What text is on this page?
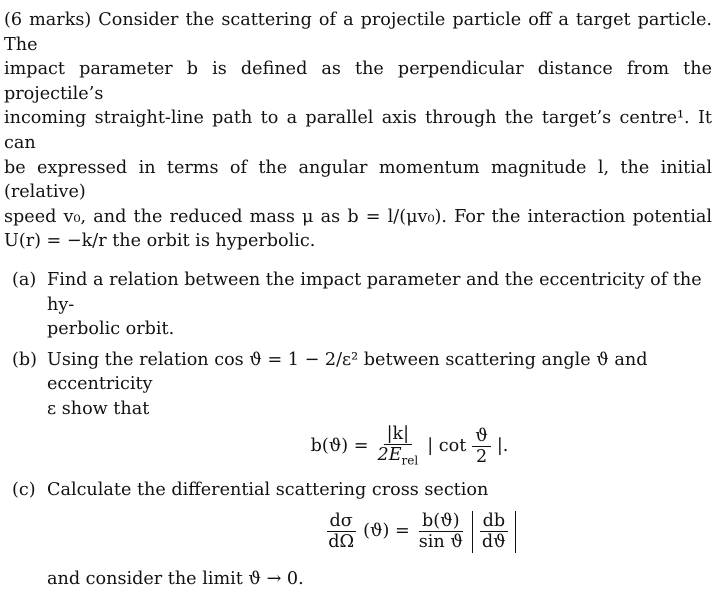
(6 marks) Consider the scattering of a projectile particle off a target particle. The
impact parameter b is defined as the perpendicular distance from the projectile’s
incoming straight-line path to a parallel axis through the target’s centre¹. It can
be expressed in terms of the angular momentum magnitude l, the initial (relative)
speed v₀, and the reduced mass μ as b = l/(μv₀). For the interaction potential
U(r) = −k/r the orbit is hyperbolic.

(a) Find a relation between the impact parameter and the eccentricity of the hy-
perbolic orbit.
(b) Using the relation cos ϑ = 1 − 2/ε² between scattering angle ϑ and eccentricity
ε show that
$b(ϑ) = \frac{|k|}{2E_{rel}}$ | $\cot \frac{ϑ}{2}$ |.
(c) Calculate the differential scattering cross section
$\frac{d\sigma}{d\Omega} (ϑ) = \frac{b(ϑ)}{\text{sin ϑ}} \frac{db}{dϑ}$
and consider the limit ϑ → 0.
